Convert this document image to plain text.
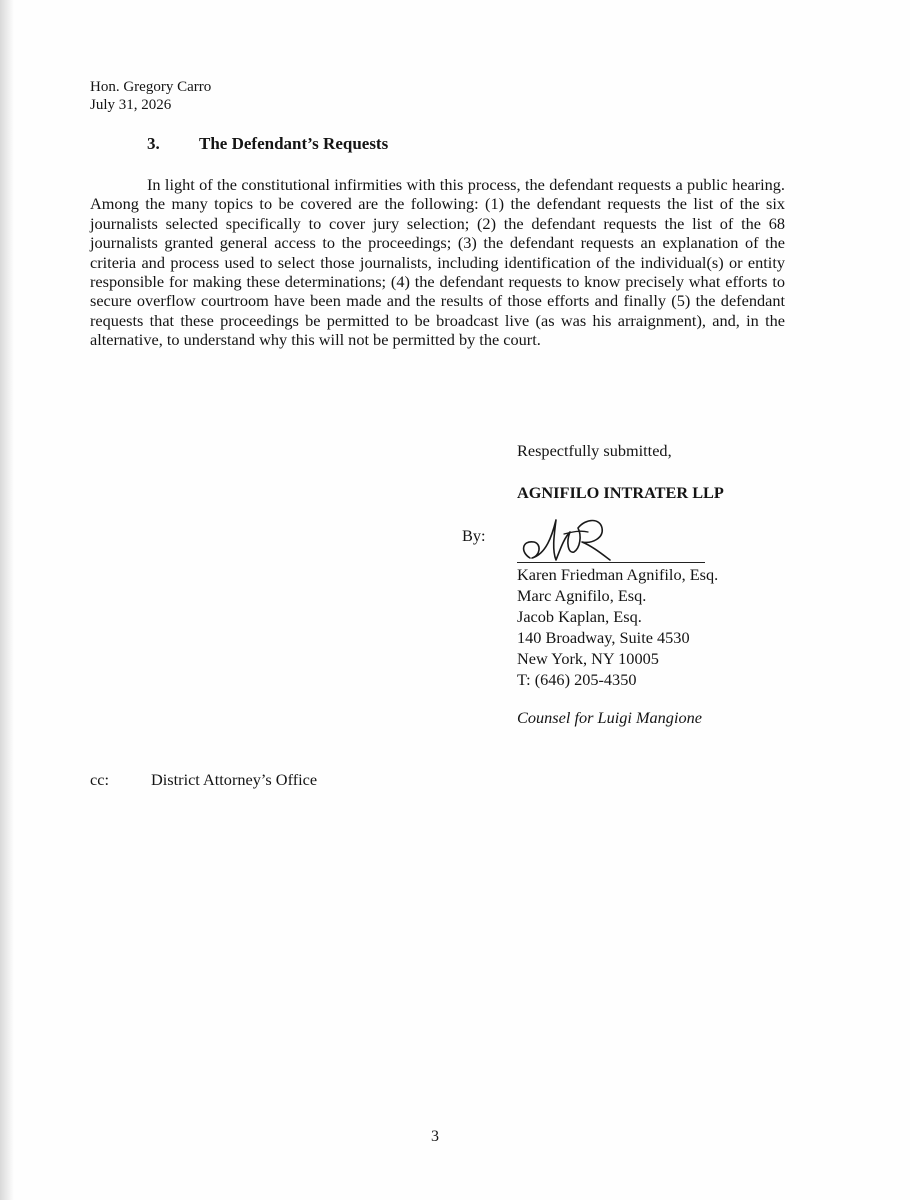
Hon. Gregory Carro
July 31, 2026
3. The Defendant’s Requests

In light of the constitutional infirmities with this process, the defendant requests a public hearing. Among the many topics to be covered are the following: (1) the defendant requests the list of the six journalists selected specifically to cover jury selection; (2) the defendant requests the list of the 68 journalists granted general access to the proceedings; (3) the defendant requests an explanation of the criteria and process used to select those journalists, including identification of the individual(s) or entity responsible for making these determinations; (4) the defendant requests to know precisely what efforts to secure overflow courtroom have been made and the results of those efforts and finally (5) the defendant requests that these proceedings be permitted to be broadcast live (as was his arraignment), and, in the alternative, to understand why this will not be permitted by the court.

Respectfully submitted,
AGNIFILO INTRATER LLP
By:
Karen Friedman Agnifilo, Esq.
Marc Agnifilo, Esq.
Jacob Kaplan, Esq.
140 Broadway, Suite 4530
New York, NY 10005
T: (646) 205-4350
Counsel for Luigi Mangione
cc:	District Attorney’s Office
3
